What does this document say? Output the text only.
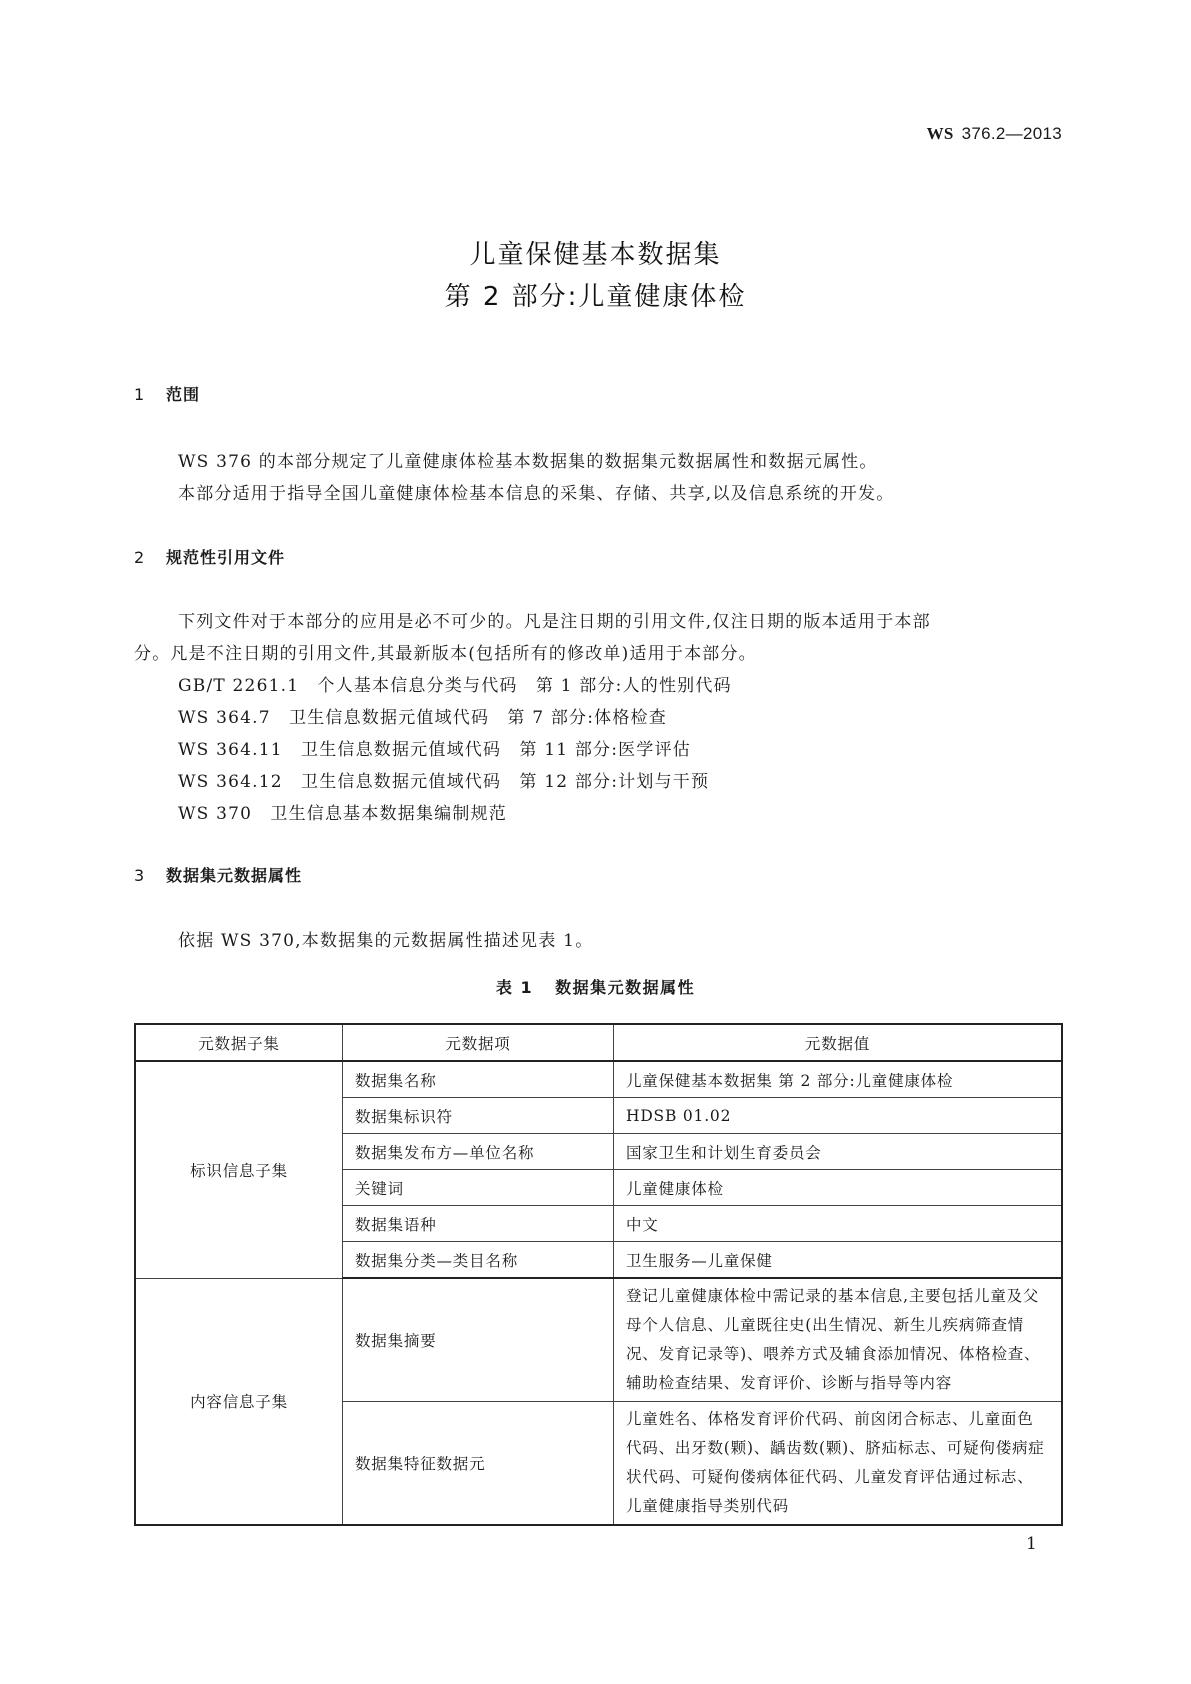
WS 376.2—2013
儿童保健基本数据集
第 2 部分:儿童健康体检
1 范围
WS 376 的本部分规定了儿童健康体检基本数据集的数据集元数据属性和数据元属性。
本部分适用于指导全国儿童健康体检基本信息的采集、存储、共享,以及信息系统的开发。
2 规范性引用文件
下列文件对于本部分的应用是必不可少的。凡是注日期的引用文件,仅注日期的版本适用于本部
分。凡是不注日期的引用文件,其最新版本(包括所有的修改单)适用于本部分。
GB/T 2261.1　个人基本信息分类与代码　第 1 部分:人的性别代码
WS 364.7　卫生信息数据元值域代码　第 7 部分:体格检查
WS 364.11　卫生信息数据元值域代码　第 11 部分:医学评估
WS 364.12　卫生信息数据元值域代码　第 12 部分:计划与干预
WS 370　卫生信息基本数据集编制规范
3 数据集元数据属性
依据 WS 370,本数据集的元数据属性描述见表 1。
表 1 数据集元数据属性
元数据子集	元数据项	元数据值
标识信息子集	数据集名称	儿童保健基本数据集 第 2 部分:儿童健康体检
	数据集标识符	HDSB 01.02
	数据集发布方—单位名称	国家卫生和计划生育委员会
	关键词	儿童健康体检
	数据集语种	中文
	数据集分类—类目名称	卫生服务—儿童保健
内容信息子集	数据集摘要	登记儿童健康体检中需记录的基本信息,主要包括儿童及父母个人信息、儿童既往史(出生情况、新生儿疾病筛查情况、发育记录等)、喂养方式及辅食添加情况、体格检查、辅助检查结果、发育评价、诊断与指导等内容
	数据集特征数据元	儿童姓名、体格发育评价代码、前囟闭合标志、儿童面色代码、出牙数(颗)、龋齿数(颗)、脐疝标志、可疑佝偻病症状代码、可疑佝偻病体征代码、儿童发育评估通过标志、儿童健康指导类别代码
1
